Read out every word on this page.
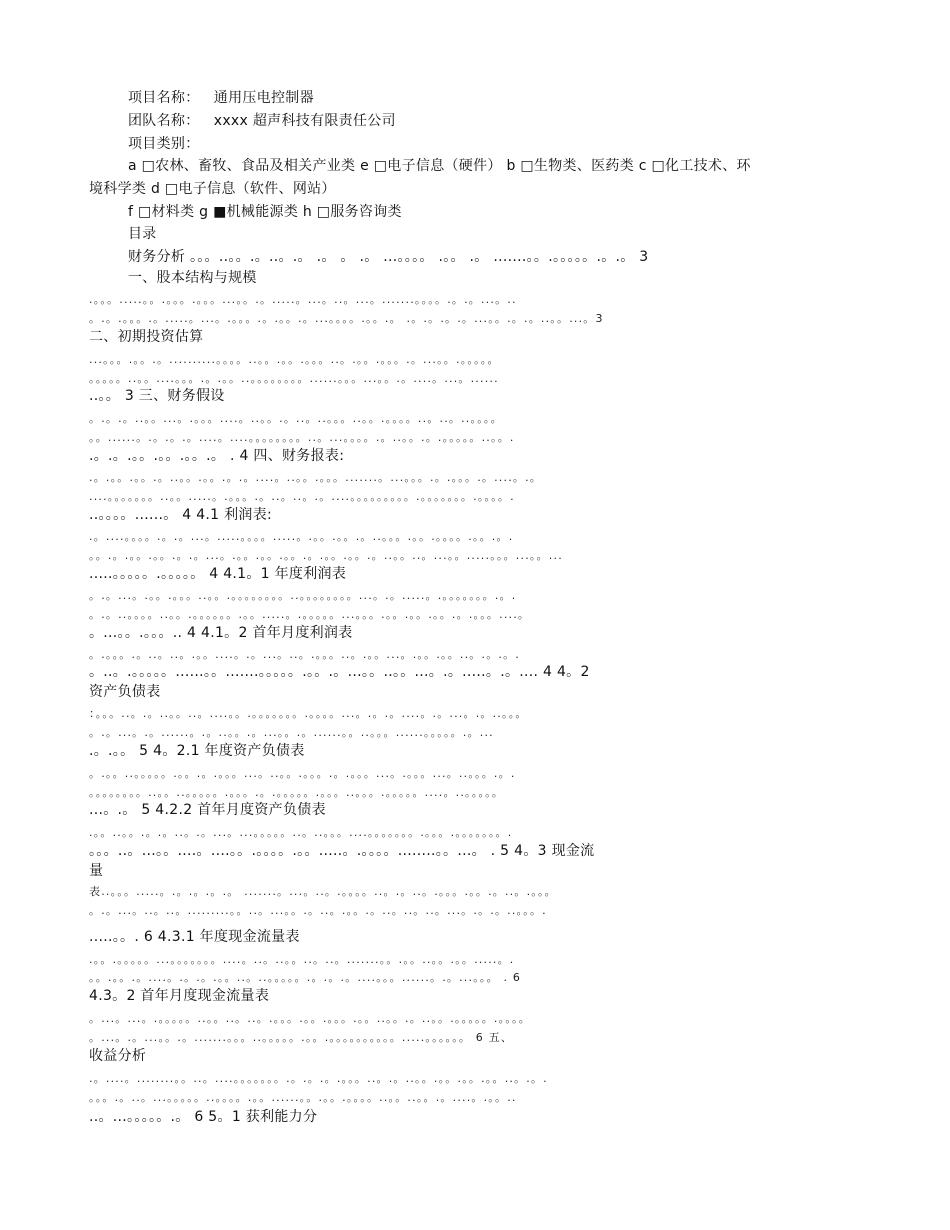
项目名称： 通用压电控制器
团队名称： xxxx 超声科技有限责任公司
项目类别：
a □农林、畜牧、食品及相关产业类 e □电子信息（硬件） b □生物类、医药类 c □化工技术、环
境科学类 d □电子信息（软件、网站）
f □材料类 g ■机械能源类 h □服务咨询类
目录
财务分析 。。。..。。.。..。.。 .。 。 .。 ...。。。。 .。。 .。 .......。。.。。。。。.。.。 3
一、股本结构与规模
.。。。.....。。.。。。.。。。...。。.。.....。...。..。...。.......。。。。.。.。...。..
。.。.。。。.。.....。...。.。。。.。.。。.。...。。。。.。。.。 .。.。.。.。...。。.。.。..。。...。3
二、初期投资估算
...。。。.。。.。..........。。。。..。。.。。.。。。..。.。。.。。。.。...。。.。。。。。
。。。。。..。。....。。。.。.。。..。。。。。。。。......。。。...。。.。....。...。......
..。。 3 三、财务假设
。.。.。..。。...。.。。。....。..。。.。..。..。。。..。。.。。。。..。..。..。。。。
。。......。.。.。.。....。....。。。。。。。。..。...。。。。.。..。。.。.。。。。。..。。.
.。.。.。。.。。.。。.。 . 4 四、财务报表:
.。.。。.。。.。..。。.。。.。.。....。..。。.。。。.......。...。。。.。.。。。.。....。.。
....。。。。。。。..。。.....。.。。。.。..。..。.。....。。。。。。。。。.。。。。。。。.。。。。.
..。。。。......。 4 4.1 利润表:
.。....。。。。.。.。...。.....。。。。.....。.。。.。。.。..。。。.。。.。。。。.。。.。.
。。.。.。。.。。.。.。...。.。。.。。.。。.。.。。.。。.。..。。..。...。。.....。。。...。。...
.....。。。。。.。。。。。 4 4.1。1 年度利润表
。.。...。.。。.。。。..。。.。。。。。。。。..。。。。。。。。...。.。.....。.。。。。。。。.。.
。.。..。。。。..。。.。。。。。。.。。.....。.。。。。。...。。。.。。.。。.。。.。.。。。....。
。...。。.。。。.. 4 4.1。2 首年月度利润表
。.。。。.。..。..。.。。....。.。...。..。.。。。..。.。。...。.。。.。。..。.。.。.
。..。.。。。。。......。。.......。。。。。.。。.。...。。..。。...。.。.....。.。.... 4 4。2
资产负债表
：。。。..。.。..。。..。....。。.。。。。。。。.。。。。...。.。.。....。.。...。.。..。。。
。.。...。.。......。.。..。。.。...。。.。......。。..。。。......。。。。。.。...
.。.。。 5 4。2.1 年度资产负债表
。.。。..。。。。。.。。.。.。。。...。..。。.。。。.。.。。。...。.。。。...。..。。。.。.
。。。。。。。。..。。..。。。。。.。。。.。.。。。。。.。。。..。。。.。。。。。....。..。。。。。
...。.。 5 4.2.2 首年月度资产负债表
.。。..。。.。.。..。.。...。...。。。。。..。..。。。....。。。。。。。.。。。.。。。。。。。.
。。。..。...。。....。....。。.。。。。.。。.....。.。。。。........。。...。 . 5 4。3 现金流
量
表..。。。.....。.。.。.。.。 .......。...。..。.。。。。..。.。..。.。。。.。。.。..。.。。。
。.。...。..。..。.........。。..。...。。.。..。.。。.。..。..。..。...。.。.。..。。。.
.....。。. 6 4.3.1 年度现金流量表
.。。.。。。。。...。。。。。。。....。..。..。。..。..。.......。。.。。..。。.。。.....。.
。。.。。.。....。.。.。.。。..。..。。。。。.。.。.。....。。。......。.。...。。。 . 6
4.3。2 首年月度现金流量表
。...。...。.。。。。。..。。..。..。.。。。.。。.。。。.。。..。。.。..。。.。。。。。.。。。。
。...。.。...。。.。.......。。。..。。。。。.。。.。。。。。。。。。。.....。。。。。。 6 五、
收益分析
.。....。........。。..。....。。。。。。。.。.。.。.。。。..。.。..。。.。。.。。.。。..。.。.
。。。.。..。...。。。。。..。。。。.。。......。。.。。.。。。。..。。..。。.。....。.。。..
..。...。。。。。.。 6 5。1 获利能力分
